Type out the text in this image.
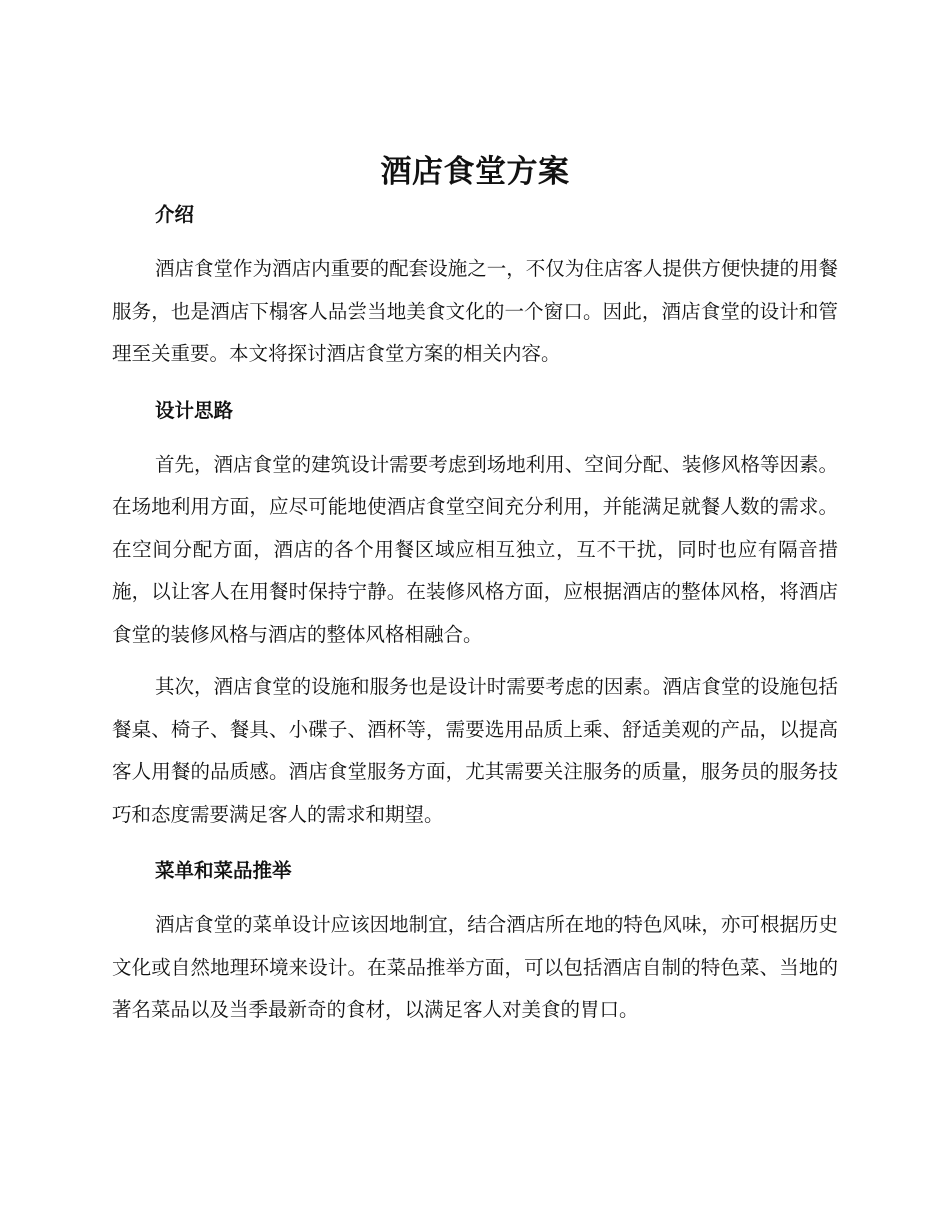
酒店食堂方案
介绍

酒店食堂作为酒店内重要的配套设施之一，不仅为住店客人提供方便快捷的用餐服务，也是酒店下榻客人品尝当地美食文化的一个窗口。因此，酒店食堂的设计和管理至关重要。本文将探讨酒店食堂方案的相关内容。

设计思路

首先，酒店食堂的建筑设计需要考虑到场地利用、空间分配、装修风格等因素。在场地利用方面，应尽可能地使酒店食堂空间充分利用，并能满足就餐人数的需求。在空间分配方面，酒店的各个用餐区域应相互独立，互不干扰，同时也应有隔音措施，以让客人在用餐时保持宁静。在装修风格方面，应根据酒店的整体风格，将酒店食堂的装修风格与酒店的整体风格相融合。

其次，酒店食堂的设施和服务也是设计时需要考虑的因素。酒店食堂的设施包括餐桌、椅子、餐具、小碟子、酒杯等，需要选用品质上乘、舒适美观的产品，以提高客人用餐的品质感。酒店食堂服务方面，尤其需要关注服务的质量，服务员的服务技巧和态度需要满足客人的需求和期望。

菜单和菜品推举

酒店食堂的菜单设计应该因地制宜，结合酒店所在地的特色风味，亦可根据历史文化或自然地理环境来设计。在菜品推举方面，可以包括酒店自制的特色菜、当地的著名菜品以及当季最新奇的食材，以满足客人对美食的胃口。
